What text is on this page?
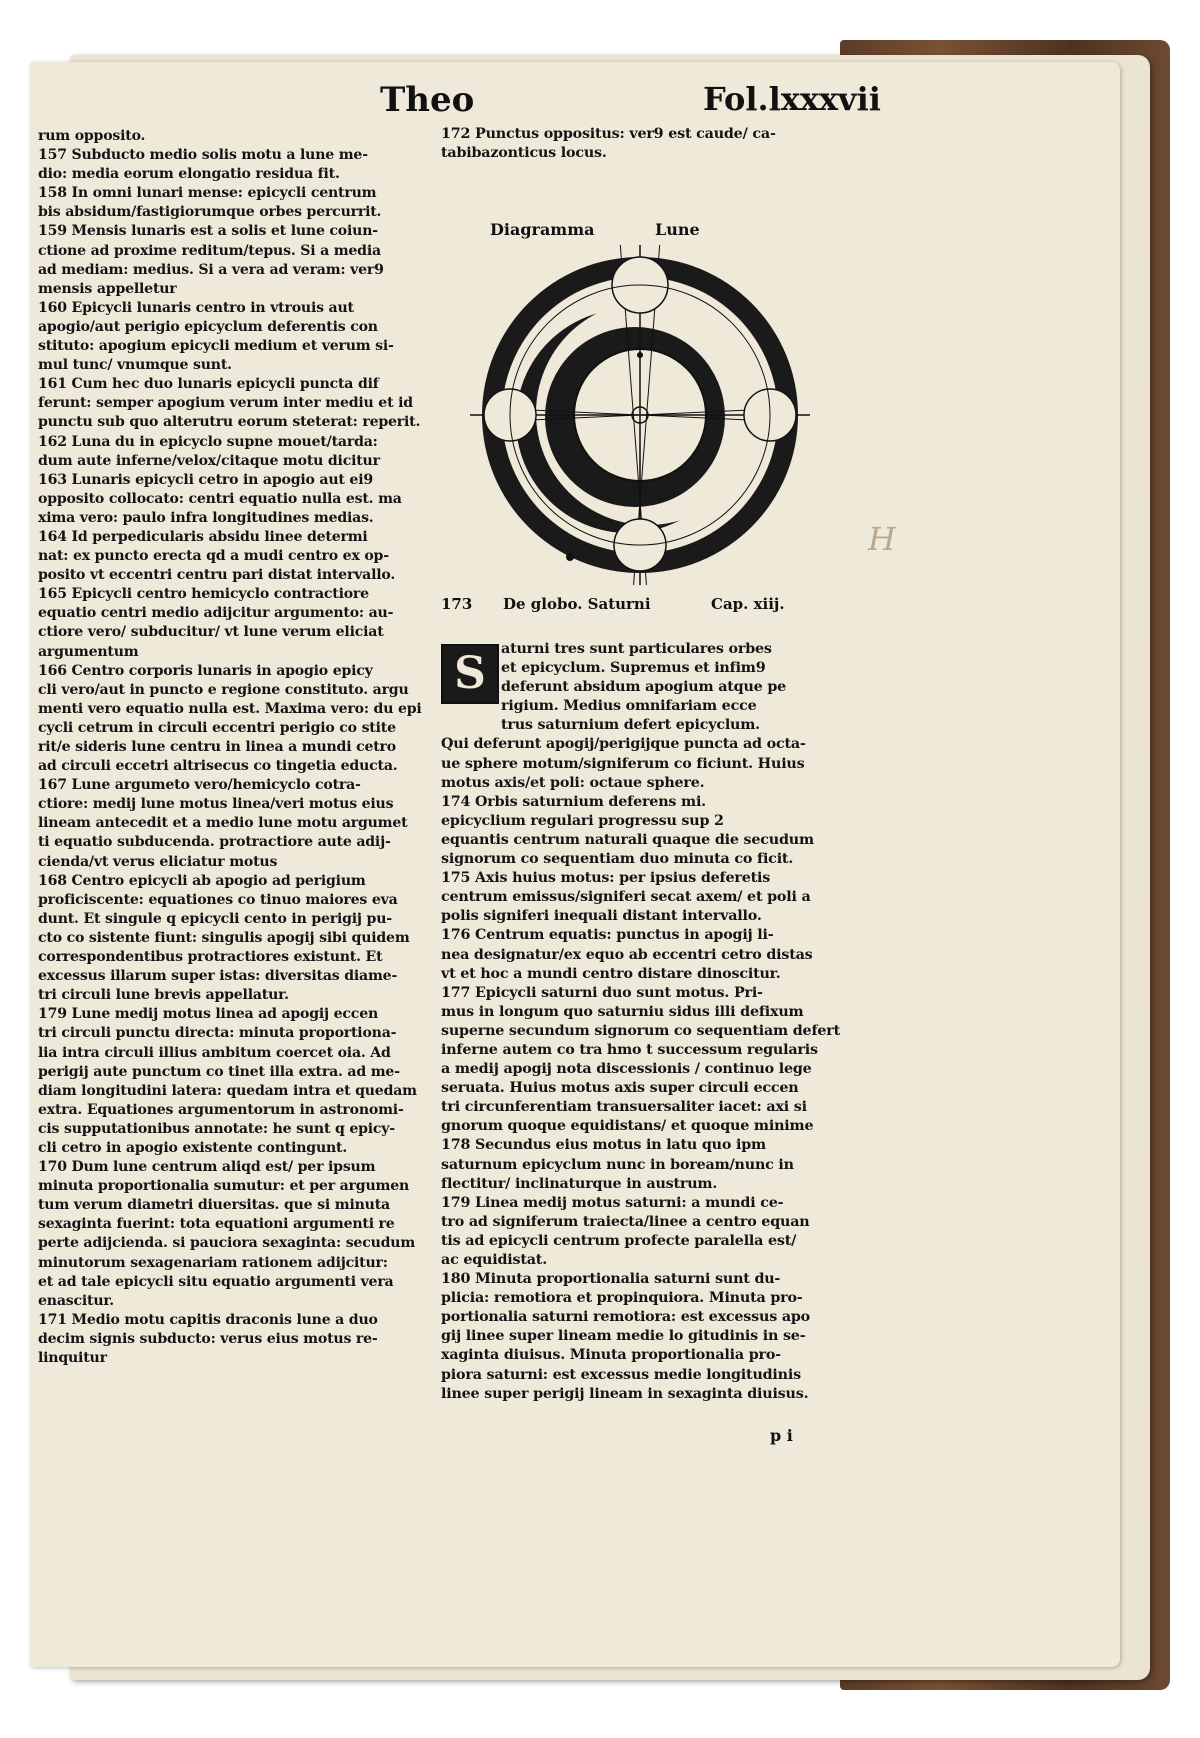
Theo	Fol.lxxxvii
rum opposito.
157 Subducto medio solis motu a lune me-
dio: media eorum elongatio residua fit.
158 In omni lunari mense: epicycli centrum
bis absidum/fastigiorumque orbes percurrit.
159 Mensis lunaris est a solis et lune coiun-
ctione ad proxime reditum/tepus. Si a media
ad mediam: medius. Si a vera ad veram: ver9
mensis appelletur
160 Epicycli lunaris centro in vtrouis aut
apogio/aut perigio epicyclum deferentis con
stituto: apogium epicycli medium et verum si-
mul tunc/ vnumque sunt.
161 Cum hec duo lunaris epicycli puncta dif
ferunt: semper apogium verum inter mediu et id
punctu sub quo alterutru eorum steterat: reperit.
162 Luna du in epicyclo supne mouet/tarda:
dum aute inferne/velox/citaque motu dicitur
163 Lunaris epicycli cetro in apogio aut ei9
opposito collocato: centri equatio nulla est. ma
xima vero: paulo infra longitudines medias.
164 Id perpedicularis absidu linee determi
nat: ex puncto erecta qd a mudi centro ex op-
posito vt eccentri centru pari distat intervallo.
165 Epicycli centro hemicyclo contractiore
equatio centri medio adijcitur argumento: au-
ctiore vero/ subducitur/ vt lune verum eliciat
argumentum
166 Centro corporis lunaris in apogio epicy
cli vero/aut in puncto e regione constituto. argu
menti vero equatio nulla est. Maxima vero: du epi
cycli cetrum in circuli eccentri perigio co stite
rit/e sideris lune centru in linea a mundi cetro
ad circuli eccetri altrisecus co tingetia educta.
167 Lune argumeto vero/hemicyclo cotra-
ctiore: medij lune motus linea/veri motus eius
lineam antecedit et a medio lune motu argumet
ti equatio subducenda. protractiore aute adij-
cienda/vt verus eliciatur motus
168 Centro epicycli ab apogio ad perigium
proficiscente: equationes co tinuo maiores eva
dunt. Et singule q epicycli cento in perigij pu-
cto co sistente fiunt: singulis apogij sibi quidem
correspondentibus protractiores existunt. Et
excessus illarum super istas: diversitas diame-
tri circuli lune brevis appellatur.
179 Lune medij motus linea ad apogij eccen
tri circuli punctu directa: minuta proportiona-
lia intra circuli illius ambitum coercet oia. Ad
perigij aute punctum co tinet illa extra. ad me-
diam longitudini latera: quedam intra et quedam
extra. Equationes argumentorum in astronomi-
cis supputationibus annotate: he sunt q epicy-
cli cetro in apogio existente contingunt.
170 Dum lune centrum aliqd est/ per ipsum
minuta proportionalia sumutur: et per argumen
tum verum diametri diuersitas. que si minuta
sexaginta fuerint: tota equationi argumenti re
perte adijcienda. si pauciora sexaginta: secudum
minutorum sexagenariam rationem adijcitur:
et ad tale epicycli situ equatio argumenti vera
enascitur.
171 Medio motu capitis draconis lune a duo
decim signis subducto: verus eius motus re-
linquitur
172 Punctus oppositus: ver9 est caude/ ca-
tabibazonticus locus.
Diagramma	Lune
173 De globo. Saturni	Cap. xiij.
S	aturni tres sunt particulares orbes
et epicyclum. Supremus et infim9
deferunt absidum apogium atque pe
rigium. Medius omnifariam ecce
trus saturnium defert epicyclum.
Qui deferunt apogij/perigijque puncta ad octa-
ue sphere motum/signiferum co ficiunt. Huius
motus axis/et poli: octaue sphere.
174 Orbis saturnium deferens mi.
epicyclium regulari progressu sup 2
equantis centrum naturali quaque die secudum
signorum co sequentiam duo minuta co ficit.
175 Axis huius motus: per ipsius deferetis
centrum emissus/signiferi secat axem/ et poli a
polis signiferi inequali distant intervallo.
176 Centrum equatis: punctus in apogij li-
nea designatur/ex equo ab eccentri cetro distas
vt et hoc a mundi centro distare dinoscitur.
177 Epicycli saturni duo sunt motus. Pri-
mus in longum quo saturniu sidus illi defixum
superne secundum signorum co sequentiam defert
inferne autem co tra hmo t successum regularis
a medij apogij nota discessionis / continuo lege
seruata. Huius motus axis super circuli eccen
tri circunferentiam transuersaliter iacet: axi si
gnorum quoque equidistans/ et quoque minime
178 Secundus eius motus in latu quo ipm
saturnum epicyclum nunc in boream/nunc in
flectitur/ inclinaturque in austrum.
179 Linea medij motus saturni: a mundi ce-
tro ad signiferum traiecta/linee a centro equan
tis ad epicycli centrum profecte paralella est/
ac equidistat.
180 Minuta proportionalia saturni sunt du-
plicia: remotiora et propinquiora. Minuta pro-
portionalia saturni remotiora: est excessus apo
gij linee super lineam medie lo gitudinis in se-
xaginta diuisus. Minuta proportionalia pro-
piora saturni: est excessus medie longitudinis
linee super perigij lineam in sexaginta diuisus.
H
p i
